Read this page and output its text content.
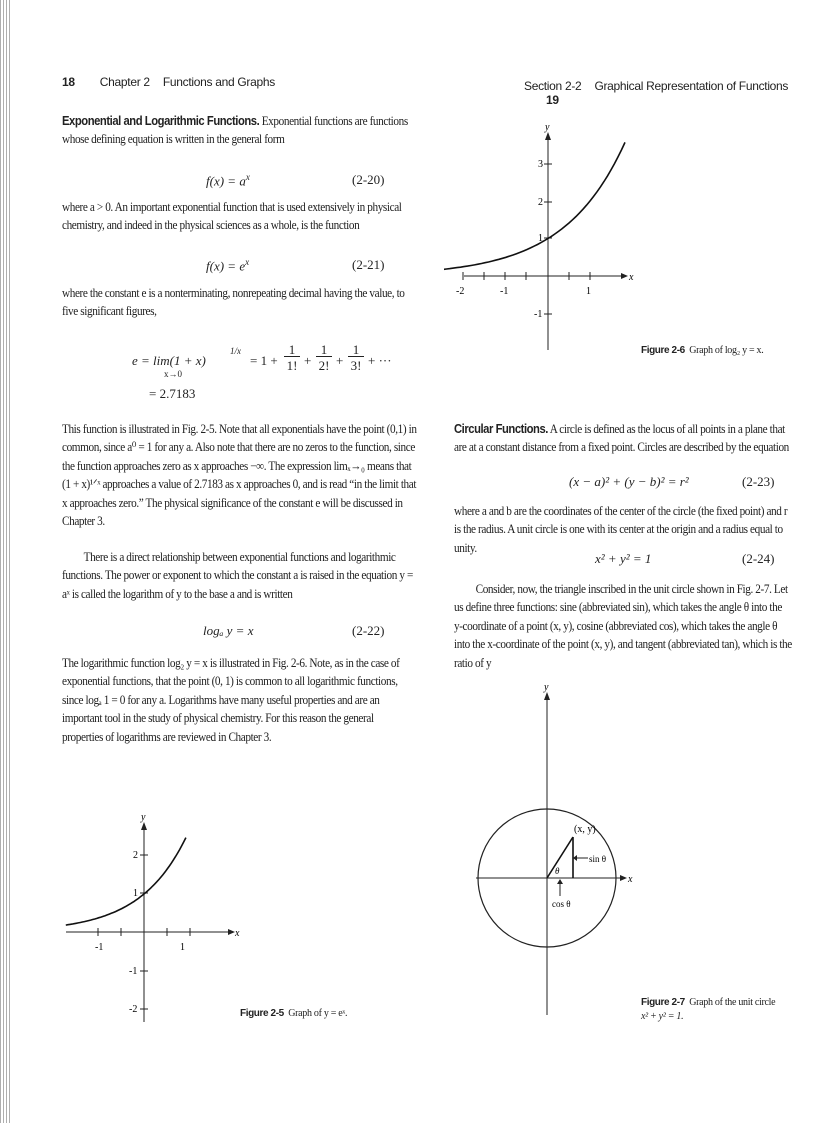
18 Chapter 2 Functions and Graphs

Exponential and Logarithmic Functions. Exponential functions are functions whose defining equation is written in the general form

$f(x) = a^x$	(2-20)
where a > 0. An important exponential function that is used extensively in physical chemistry, and indeed in the physical sciences as a whole, is the function
$f(x) = e^x$	(2-21)
where the constant e is a nonterminating, nonrepeating decimal having the value, to five significant figures,
e = lim(1 + x)
1/x
x→0
= 1 +
1
1! +
1
2! +
1
3! + ···
= 2.7183
This function is illustrated in Fig. 2-5. Note that all exponentials have the point (0,1) in common, since a⁰ = 1 for any a. Also note that there are no zeros to the function, since the function approaches zero as x approaches −∞. The expression limₓ→₀ means that (1 + x)¹ᐟˣ approaches a value of 2.7183 as x approaches 0, and is read “in the limit that x approaches zero.” The physical significance of the constant e will be discussed in Chapter 3.
There is a direct relationship between exponential functions and logarithmic functions. The power or exponent to which the constant a is raised in the equation y = aˣ is called the logarithm of y to the base a and is written
logₐ y = x	(2-22)
The logarithmic function log₂ y = x is illustrated in Fig. 2-6. Note, as in the case of exponential functions, that the point (0, 1) is common to all logarithmic functions, since logₐ 1 = 0 for any a. Logarithms have many useful properties and are an important tool in the study of physical chemistry. For this reason the general properties of logarithms are reviewed in Chapter 3.
x
y
-1	1
2
1
-1
-2	Figure 2-5 Graph of y = eˣ.
Section 2-2 Graphical Representation of Functions 19
x
y
-2	-1	1
3
2
1
-1
Figure 2-6 Graph of log₂ y = x.

Circular Functions. A circle is defined as the locus of all points in a plane that are at a constant distance from a fixed point. Circles are described by the equation

(x − a)² + (y − b)² = r²	(2-23)
where a and b are the coordinates of the center of the circle (the fixed point) and r is the radius. A unit circle is one with its center at the origin and a radius equal to unity.
x² + y² = 1	(2-24)
Consider, now, the triangle inscribed in the unit circle shown in Fig. 2-7. Let us define three functions: sine (abbreviated sin), which takes the angle θ into the y-coordinate of a point (x, y), cosine (abbreviated cos), which takes the angle θ into the x-coordinate of the point (x, y), and tangent (abbreviated tan), which is the ratio of y
(x, y)
θ
sin θ
cos θ
x
y
Figure 2-7 Graph of the unit circle
x² + y² = 1.
